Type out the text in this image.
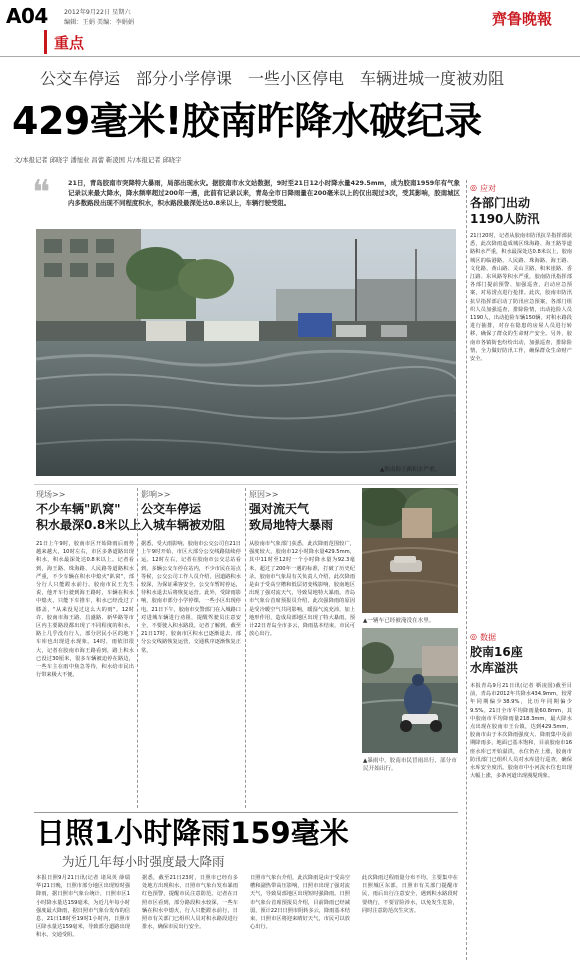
A04	2012年9月22日 星期六
编辑：王娟 美编：李娟娟	齊鲁晚報
重点
公交车停运　部分小学停课　一些小区停电　车辆进城一度被劝阻
429毫米!胶南昨降水破纪录
文/本报记者 邱晓宇 潘旭业 昌蕾 靳凌国 片/本报记者 邱晓宇
❝	21日，青岛胶南市突降特大暴雨，局部出现水灾。据胶南市水文站数据，9时至21日12小时降水量429.5mm，成为胶南1959年有气象记录以来最大降水，降水频率超过200年一遇，此前有记录以来，青岛全市日降雨量在200毫米以上的仅出现过3次，受其影响，胶南城区内多数路段出现不同程度积水，积水路段最深处达0.8米以上，车辆行驶受阻。
▲胶南海王路积水严重。
◎ 应对
各部门出动
1190人防汛
21日20时，记者从胶南市防汛抗旱指挥部获悉，此次降雨造成城区珠海路、海王路等道路积水严重，积水最深处达0.8米以上，胶南城区的临港路、人民路、珠海路、海王路、文化路、黄山路、灵山卫路、积米崖路、香江路、东风路等积水严重，胶南防汛指挥部各部门提前预警、加强巡查，启动应急预案，对易涝点进行抢排。此次，胶南市防汛抗旱指挥部启动了防汛应急预案，各部门组织人员加强巡查，排除险情，出动抢险人员1190人，出动抢险车辆150辆，对积水路段进行抽排，对存在隐患的房屋人员进行转移，确保了群众的生命财产安全。另外，胶南市各镇街也纷纷出动，加强巡查，排除险情，全力做好防汛工作，确保群众生命财产安全。
◎ 数据
胶南16座
水库溢洪
本报青岛9月21日讯(记者 靳凌国)截至目前，青岛市2012年共降水434.9mm，较常年同期偏少38.9%，比历年同期偏少9.5%。21日全市平均降雨量60.8mm，其中胶南市平均降雨量218.3mm，最大降水点出现在胶南市王台镇，达到429.5mm，胶南市由于本次降雨强度大、降雨集中及前期降雨多，地面已基本饱和，目前胶南市16座水库已开始溢洪，水位仍在上涨，胶南市防汛部门已组织人员对水库进行巡查，确保水库安全度汛。胶南市中小河流水位也出现大幅上涨，多条河道出现漫堤现象。
现场>>
不少车辆"趴窝"
积水最深0.8米以上
21日上午9时，胶南市区开始降雨后雨势越来越大，10时左右，市区多条道路出现积水，积水最深处达0.8米以上。记者看到，海王路、珠海路、人民路等道路积水严重，不少车辆在积水中熄火"趴窝"，部分行人只能蹚水前行。胶南市民王先生说，他开车行驶到海王路时，车辆在积水中熄火，只能下车推车，积水已经没过了膝盖，"从来没见过这么大的雨"。12时许，胶南市海王路、昌盛路、新华路等市区内主要路段都出现了不同程度的积水，路上几乎没有行人，部分居民小区的地下车库也出现进水现象。14时，雨依旧很大，记者在胶南市海王路看到，路上积水已没过30厘米，很多车辆被迫停在路边，一些车主在雨中焦急等待，积水给市民出行带来极大不便。
影响>>
公交车停运
入城车辆被劝阻
据悉，受大雨影响，胶南市公交公司自21日上午9时开始，市区大部分公交线路陆续停运。12时左右，记者在胶南市公交总站看到，多辆公交车停在站内，不少市民在站点等候，公交公司工作人员介绍，因道路积水较深，为保证乘客安全，公交车暂时停运，待积水退去后将恢复运营。此外，受降雨影响，胶南市部分小学停课，一些小区出现停电。21日下午，胶南市交警部门在入城路口对进城车辆进行劝阻，提醒驾驶员注意安全，不要驶入积水路段。记者了解到，截至21日17时，胶南市区积水已逐渐退去，部分公交线路恢复运营，交通秩序逐渐恢复正常。
原因>>
强对流天气
致局地特大暴雨
从胶南市气象部门获悉，此次降雨范围较广，强度较大，胶南市12小时降水量429.5mm，其中11时至12时一个小时降水量为92.3毫米，超过了200年一遇的标准，打破了历史纪录。胶南市气象局有关负责人介绍，此次降雨是由于受高空槽和低层切变线影响，胶南地区出现了强对流天气，导致局地特大暴雨。青岛市气象台首席预报员介绍，此次强降雨的原因是受冷暖空气共同影响，暖湿气流充沛，加上地形作用，造成局部地区出现了特大暴雨。预计22日青岛全市多云，降雨基本结束，市民可放心出行。
▲一辆车已经被淹没在水里。
▲暴雨中，胶南市民冒雨出行，部分市民开始出行。
日照1小时降雨159毫米
为近几年每小时强度最大降雨
本报日照9月21日讯(记者 诸凤英 薛瑞华)21日晚，日照市部分地区出现短时强降雨，据日照市气象台统计，日照市区1小时降水量达159毫米，为近几年每小时强度最大降雨，据日照市气象台发布的信息，21日18时至19时1小时内，日照市区降水量达159毫米，导致部分道路出现积水，交通受阻。
据悉，截至21日23时，日照市已经有多处地方出现积水，日照市气象台发布暴雨红色预警，提醒市民注意防范。记者在日照市区看到，部分路段积水较深，一些车辆在积水中熄火，行人只能蹚水前行，日照市有关部门已组织人员对积水路段进行排水，确保市民出行安全。
日照市气象台介绍，此次降雨是由于受高空槽和副热带高压影响，日照市出现了强对流天气，导致局部地区出现短时强降雨。日照市气象台首席预报员介绍，目前降雨已经减弱，预计22日日照市阴转多云，降雨基本结束，日照市区将迎来晴好天气，市民可以放心出行。
此次降雨过程雨量分布不均，主要集中在日照城区东部，日照市有关部门提醒市民，雨后出行注意安全，遇到积水路段时要绕行，不要冒险涉水，以免发生危险，同时注意防范次生灾害。
